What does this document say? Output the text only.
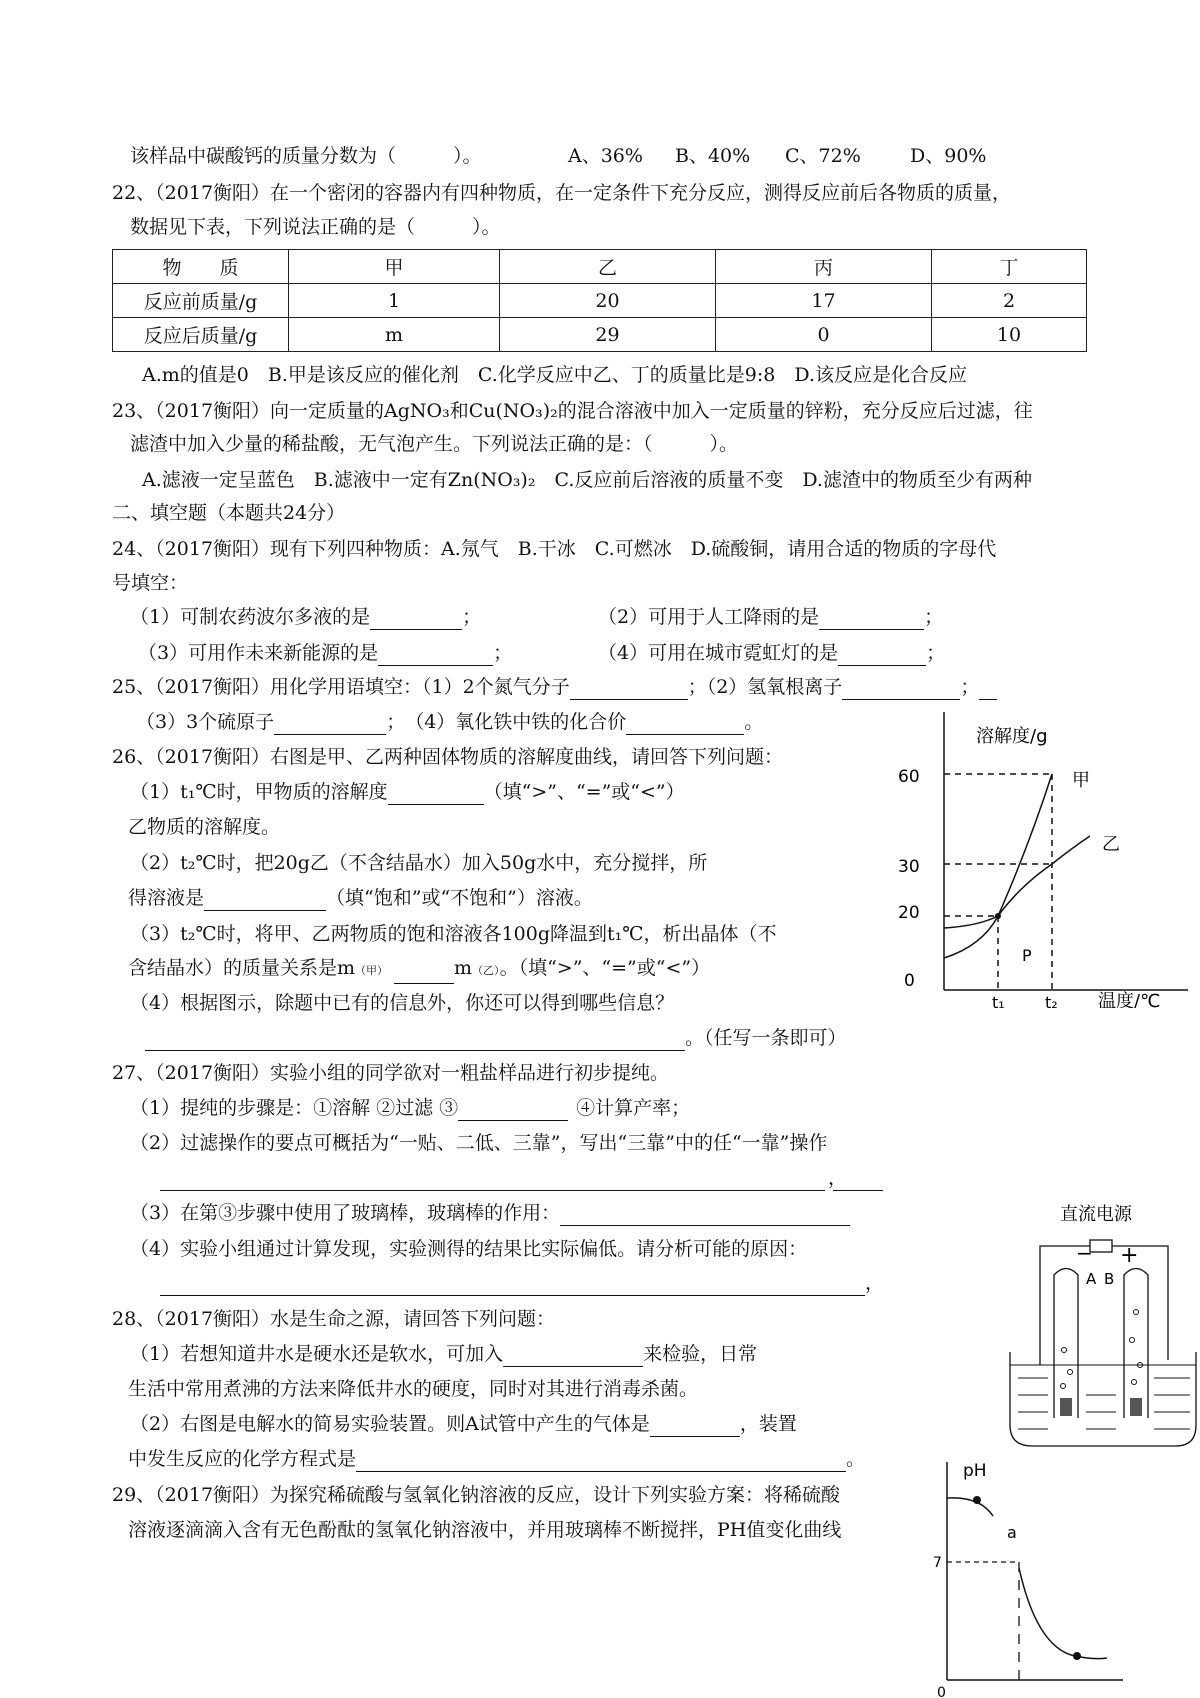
该样品中碳酸钙的质量分数为（　　　）。	A、36% B、40% C、72%	D、90%
22、（2017衡阳）在一个密闭的容器内有四种物质，在一定条件下充分反应，测得反应前后各物质的质量，
数据见下表，下列说法正确的是（　　　）。
物　　质	甲	乙	丙	丁
反应前质量/g	1	20	17	2
反应后质量/g	m	29	0	10
A.m的值是0　B.甲是该反应的催化剂　C.化学反应中乙、丁的质量比是9:8　D.该反应是化合反应
23、（2017衡阳）向一定质量的AgNO₃和Cu(NO₃)₂的混合溶液中加入一定质量的锌粉，充分反应后过滤，往
滤渣中加入少量的稀盐酸，无气泡产生。下列说法正确的是：（　　　）。
A.滤液一定呈蓝色　B.滤液中一定有Zn(NO₃)₂　C.反应前后溶液的质量不变　D.滤渣中的物质至少有两种
二、填空题（本题共24分）
24、（2017衡阳）现有下列四种物质：A.氖气　B.干冰　C.可燃冰　D.硫酸铜，请用合适的物质的字母代
号填空：
（1）可制农药波尔多液的是	；	（2）可用于人工降雨的是	；
（3）可用作未来新能源的是	；	（4）可用在城市霓虹灯的是	；
25、（2017衡阳）用化学用语填空：（1）2个氮气分子	；（2）氢氧根离子	；
（3）3个硫原子	；　（4）氧化铁中铁的化合价	。
26、（2017衡阳）右图是甲、乙两种固体物质的溶解度曲线，请回答下列问题：
（1）t₁℃时，甲物质的溶解度	（填“>”、“=”或“<”）
乙物质的溶解度。
（2）t₂℃时，把20g乙（不含结晶水）加入50g水中，充分搅拌，所
得溶液是	（填“饱和”或“不饱和”）溶液。
（3）t₂℃时，将甲、乙两物质的饱和溶液各100g降温到t₁℃，析出晶体（不
含结晶水）的质量关系是m（甲）	m（乙）。（填“>”、“=”或“<”）
（4）根据图示，除题中已有的信息外，你还可以得到哪些信息？
。（任写一条即可）
27、（2017衡阳）实验小组的同学欲对一粗盐样品进行初步提纯。
（1）提纯的步骤是：①溶解 ②过滤 ③	④计算产率；
（2）过滤操作的要点可概括为“一贴、二低、三靠”，写出“三靠”中的任“一靠”操作
，
（3）在第③步骤中使用了玻璃棒，玻璃棒的作用：
（4）实验小组通过计算发现，实验测得的结果比实际偏低。请分析可能的原因：
，
28、（2017衡阳）水是生命之源，请回答下列问题：
（1）若想知道井水是硬水还是软水，可加入	来检验，日常
生活中常用煮沸的方法来降低井水的硬度，同时对其进行消毒杀菌。
（2）右图是电解水的简易实验装置。则A试管中产生的气体是	，装置
中发生反应的化学方程式是	。
29、（2017衡阳）为探究稀硫酸与氢氧化钠溶液的反应，设计下列实验方案：将稀硫酸
溶液逐滴滴入含有无色酚酞的氢氧化钠溶液中，并用玻璃棒不断搅拌，PH值变化曲线
溶解度/g
60
30
20
0
甲
乙
P
t₁	t₂ 温度/℃
直流电源
− +
A B
pH
7
0
a
